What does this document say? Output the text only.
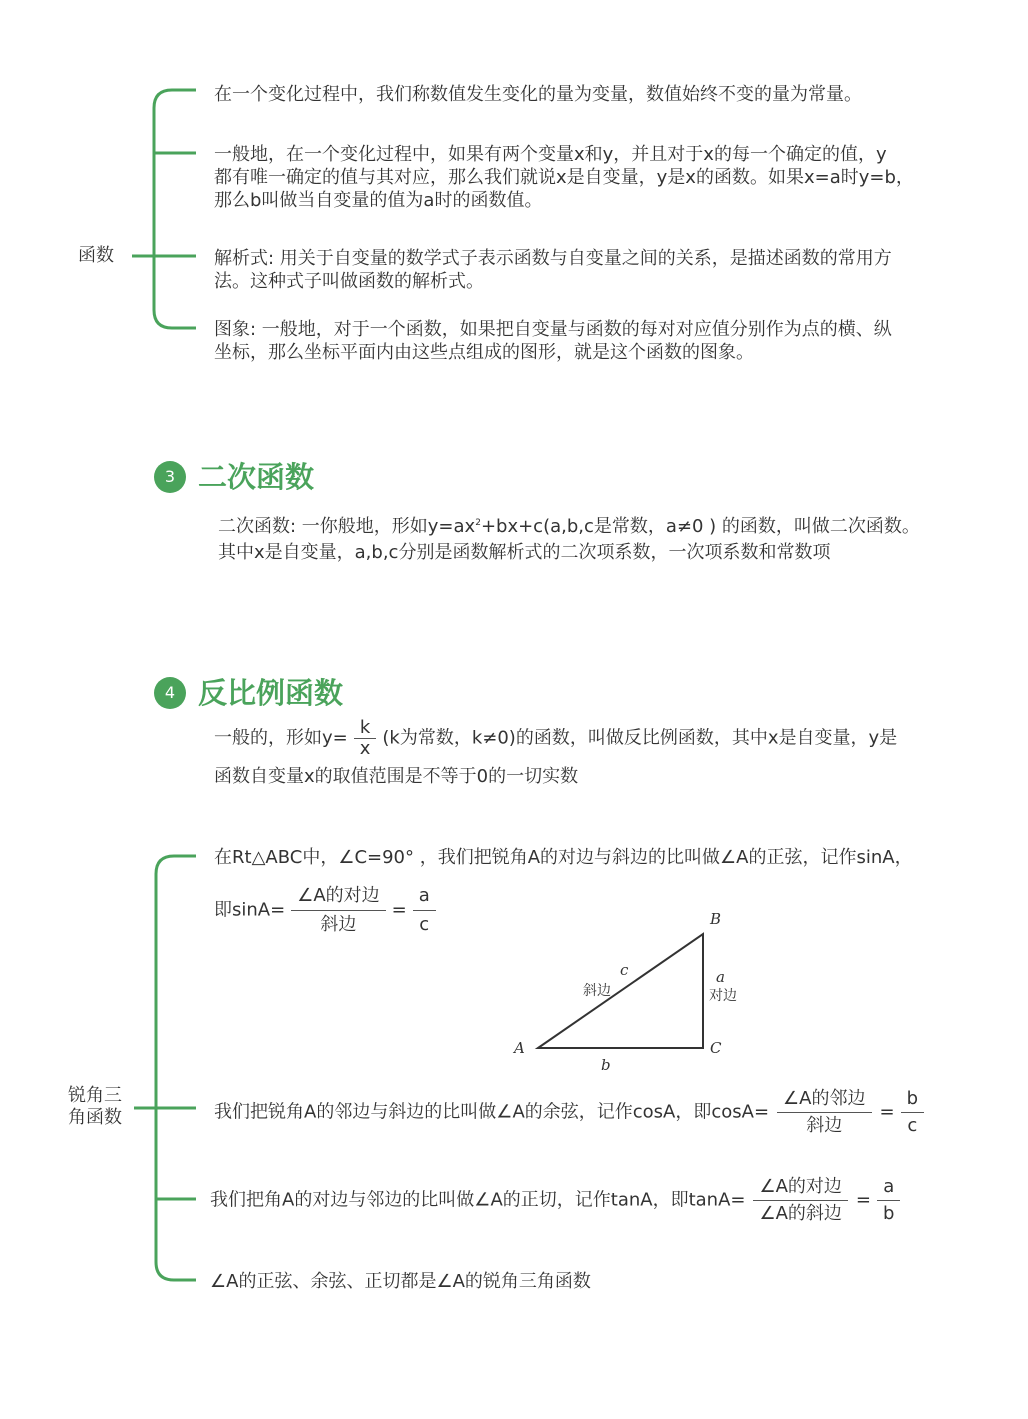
函数
在一个变化过程中，我们称数值发生变化的量为变量，数值始终不变的量为常量。
一般地，在一个变化过程中，如果有两个变量x和y，并且对于x的每一个确定的值，y
都有唯一确定的值与其对应，那么我们就说x是自变量，y是x的函数。如果x=a时y=b，
那么b叫做当自变量的值为a时的函数值。
解析式: 用关于自变量的数学式子表示函数与自变量之间的关系，是描述函数的常用方
法。这种式子叫做函数的解析式。
图象: 一般地，对于一个函数，如果把自变量与函数的每对对应值分别作为点的横、纵
坐标，那么坐标平面内由这些点组成的图形，就是这个函数的图象。
3 二次函数
二次函数: 一你般地，形如$y=ax^2+bx+c(a,b,c$是常数，a≠0 ) 的函数，叫做二次函数。
其中x是自变量，a,b,c分别是函数解析式的二次项系数，一次项系数和常数项
4 反比例函数
一般的，形如$y= \frac{k}{x} (k$为常数，k≠0)的函数，叫做反比例函数，其中x是自变量，y是
函数自变量x的取值范围是不等于0的一切实数
锐角三
角函数
在Rt△ABC中，∠C=90° ，我们把锐角A的对边与斜边的比叫做∠A的正弦，记作sinA，
即$\sin A= \frac{\text{∠A的对边}}{\text{斜边}} = \frac{a}{c}$
A
B
C
c
斜边
a
对边
b
我们把锐角A的邻边与斜边的比叫做∠A的余弦，记作cosA，即$\cos A= \frac{\text{∠A的邻边}}{\text{斜边}} = \frac{b}{c}$
我们把角A的对边与邻边的比叫做∠A的正切，记作tanA，即$\tan A= \frac{\text{∠A的对边}}{\text{∠A的斜边}} = \frac{a}{b}$
∠A的正弦、余弦、正切都是∠A的锐角三角函数
